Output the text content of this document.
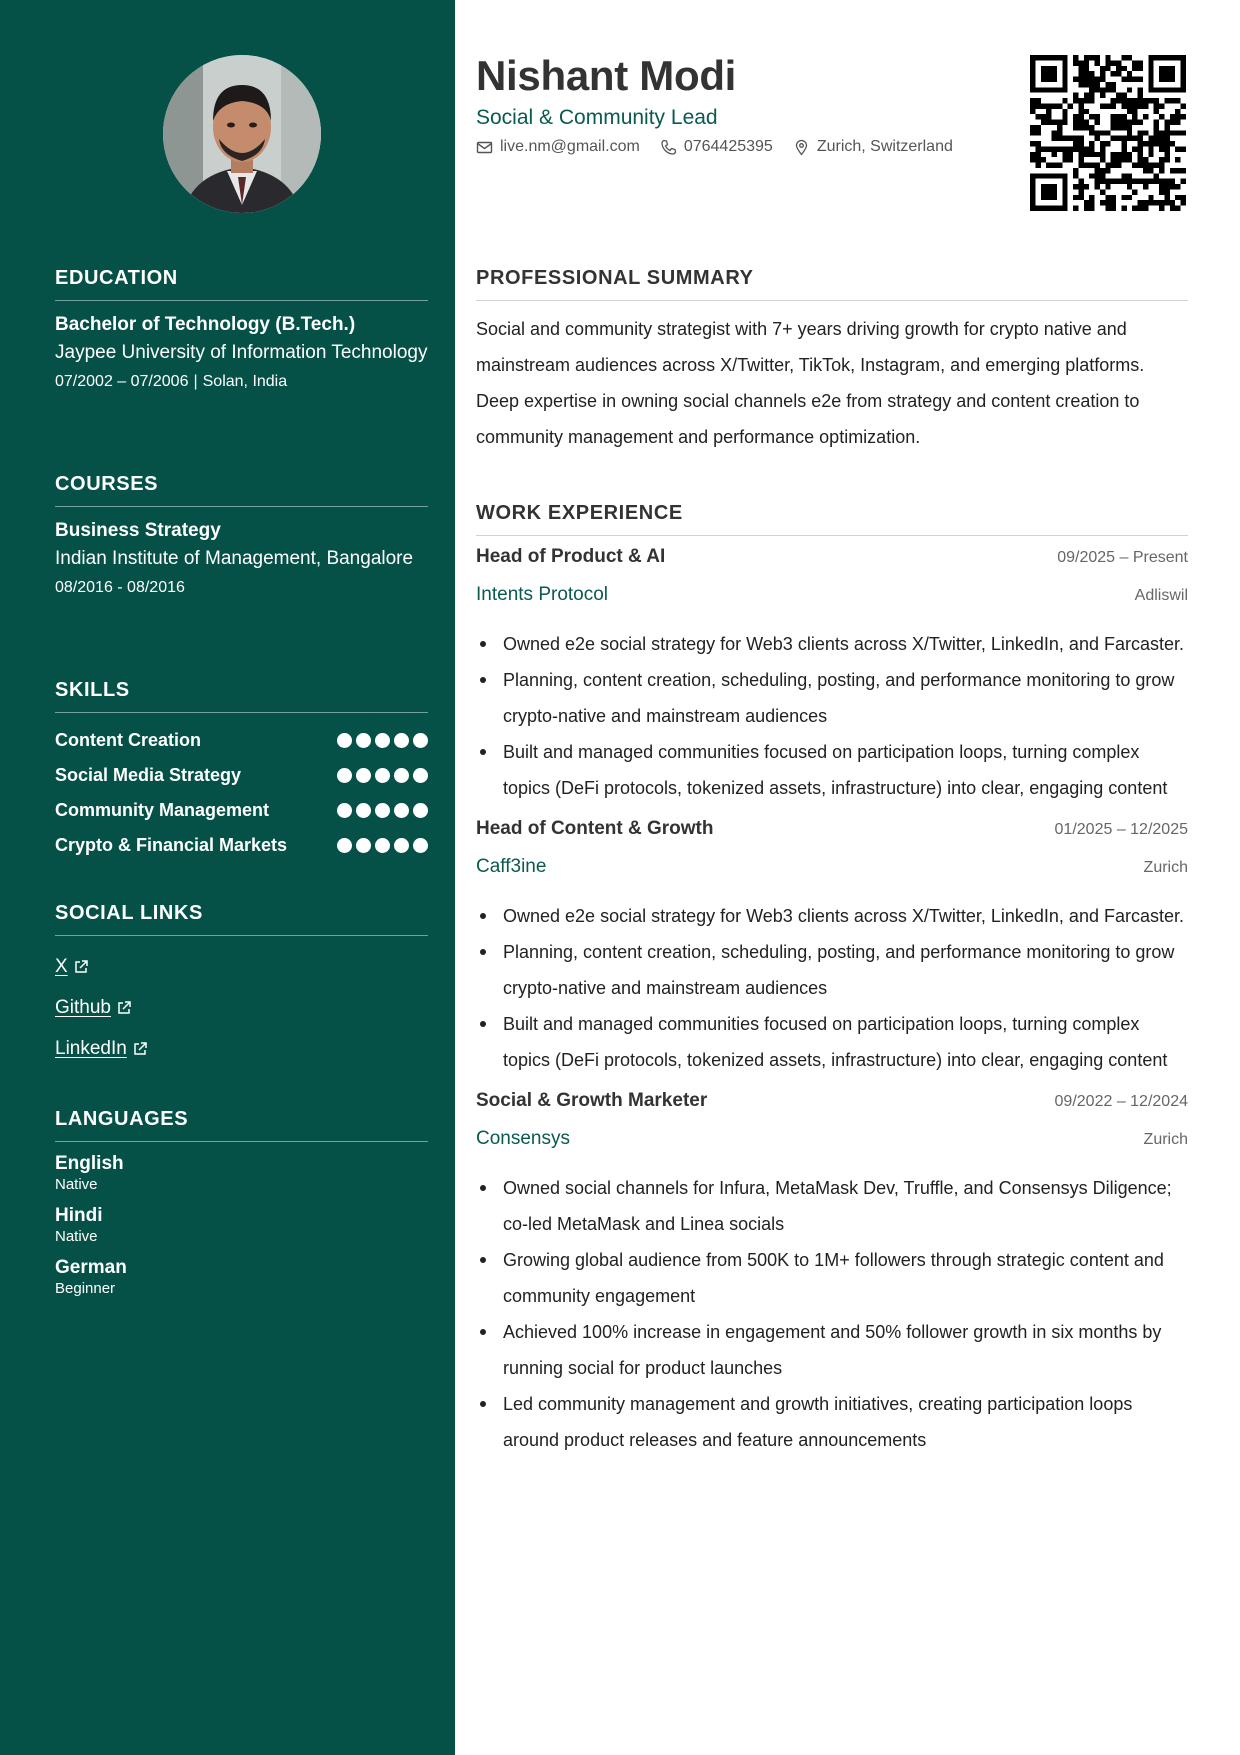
EDUCATION
Bachelor of Technology (B.Tech.)
Jaypee University of Information Technology
07/2002 – 07/2006 | Solan, India
COURSES
Business Strategy
Indian Institute of Management, Bangalore
08/2016 - 08/2016
SKILLS
Content Creation
Social Media Strategy
Community Management
Crypto & Financial Markets
SOCIAL LINKS
X
Github
LinkedIn
LANGUAGES
English
Native
Hindi
Native
German
Beginner
Nishant Modi
Social & Community Lead
live.nm@gmail.com	0764425395	Zurich, Switzerland
PROFESSIONAL SUMMARY
Social and community strategist with 7+ years driving growth for crypto native and mainstream audiences across X/Twitter, TikTok, Instagram, and emerging platforms. Deep expertise in owning social channels e2e from strategy and content creation to community management and performance optimization.
WORK EXPERIENCE
Head of Product & AI	09/2025 – Present
Intents Protocol	Adliswil
Owned e2e social strategy for Web3 clients across X/Twitter, LinkedIn, and Farcaster.
Planning, content creation, scheduling, posting, and performance monitoring to grow crypto-native and mainstream audiences
Built and managed communities focused on participation loops, turning complex topics (DeFi protocols, tokenized assets, infrastructure) into clear, engaging content
Head of Content & Growth	01/2025 – 12/2025
Caff3ine	Zurich
Owned e2e social strategy for Web3 clients across X/Twitter, LinkedIn, and Farcaster.
Planning, content creation, scheduling, posting, and performance monitoring to grow crypto-native and mainstream audiences
Built and managed communities focused on participation loops, turning complex topics (DeFi protocols, tokenized assets, infrastructure) into clear, engaging content
Social & Growth Marketer	09/2022 – 12/2024
Consensys	Zurich
Owned social channels for Infura, MetaMask Dev, Truffle, and Consensys Diligence; co-led MetaMask and Linea socials
Growing global audience from 500K to 1M+ followers through strategic content and community engagement
Achieved 100% increase in engagement and 50% follower growth in six months by running social for product launches
Led community management and growth initiatives, creating participation loops around product releases and feature announcements
